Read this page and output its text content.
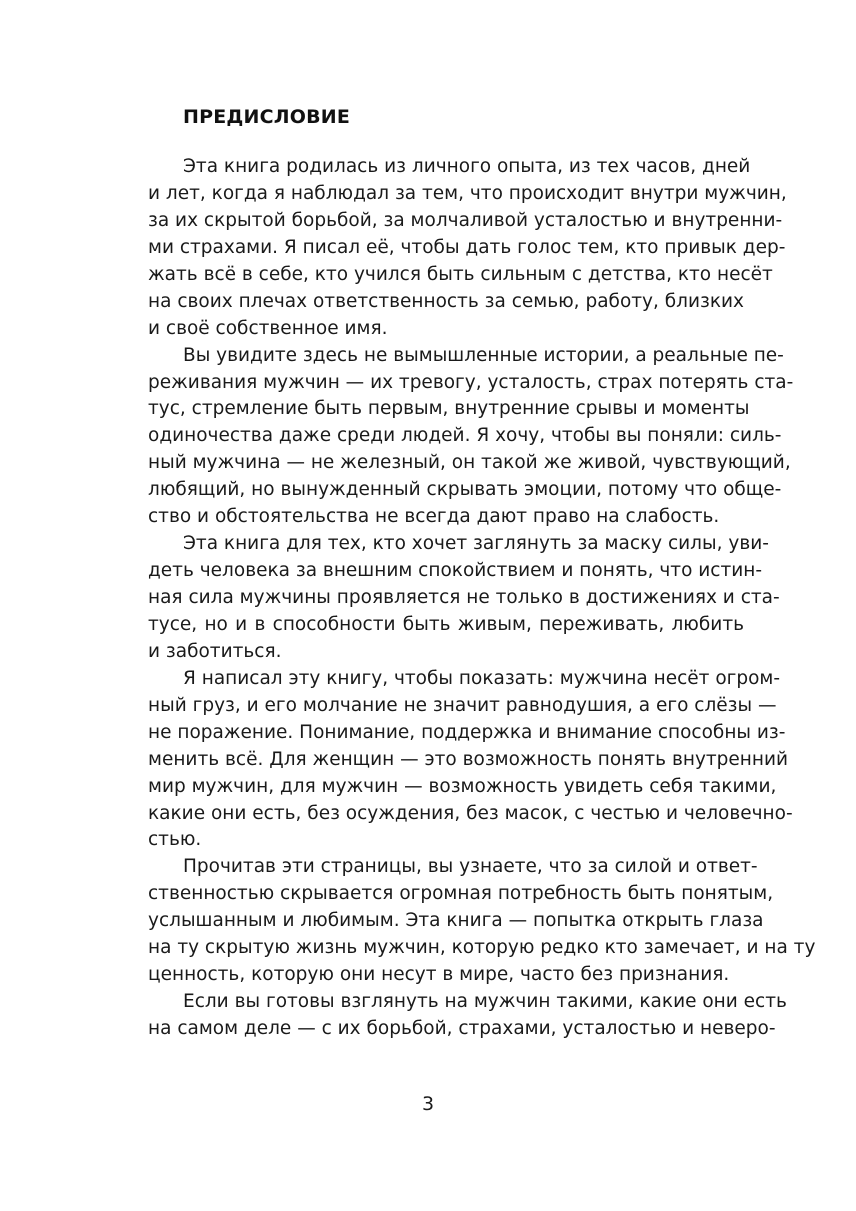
ПРЕДИСЛОВИЕ
Эта книга родилась из личного опыта, из тех часов, дней
и лет, когда я наблюдал за тем, что происходит внутри мужчин,
за их скрытой борьбой, за молчаливой усталостью и внутренни-
ми страхами. Я писал её, чтобы дать голос тем, кто привык дер-
жать всё в себе, кто учился быть сильным с детства, кто несёт
на своих плечах ответственность за семью, работу, близких
и своё собственное имя.
Вы увидите здесь не вымышленные истории, а реальные пе-
реживания мужчин — их тревогу, усталость, страх потерять ста-
тус, стремление быть первым, внутренние срывы и моменты
одиночества даже среди людей. Я хочу, чтобы вы поняли: силь-
ный мужчина — не железный, он такой же живой, чувствующий,
любящий, но вынужденный скрывать эмоции, потому что обще-
ство и обстоятельства не всегда дают право на слабость.
Эта книга для тех, кто хочет заглянуть за маску силы, уви-
деть человека за внешним спокойствием и понять, что истин-
ная сила мужчины проявляется не только в достижениях и ста-
тусе, но и в способности быть живым, переживать, любить
и заботиться.
Я написал эту книгу, чтобы показать: мужчина несёт огром-
ный груз, и его молчание не значит равнодушия, а его слёзы —
не поражение. Понимание, поддержка и внимание способны из-
менить всё. Для женщин — это возможность понять внутренний
мир мужчин, для мужчин — возможность увидеть себя такими,
какие они есть, без осуждения, без масок, с честью и человечно-
стью.
Прочитав эти страницы, вы узнаете, что за силой и ответ-
ственностью скрывается огромная потребность быть понятым,
услышанным и любимым. Эта книга — попытка открыть глаза
на ту скрытую жизнь мужчин, которую редко кто замечает, и на ту
ценность, которую они несут в мире, часто без признания.
Если вы готовы взглянуть на мужчин такими, какие они есть
на самом деле — с их борьбой, страхами, усталостью и неверо-
3
